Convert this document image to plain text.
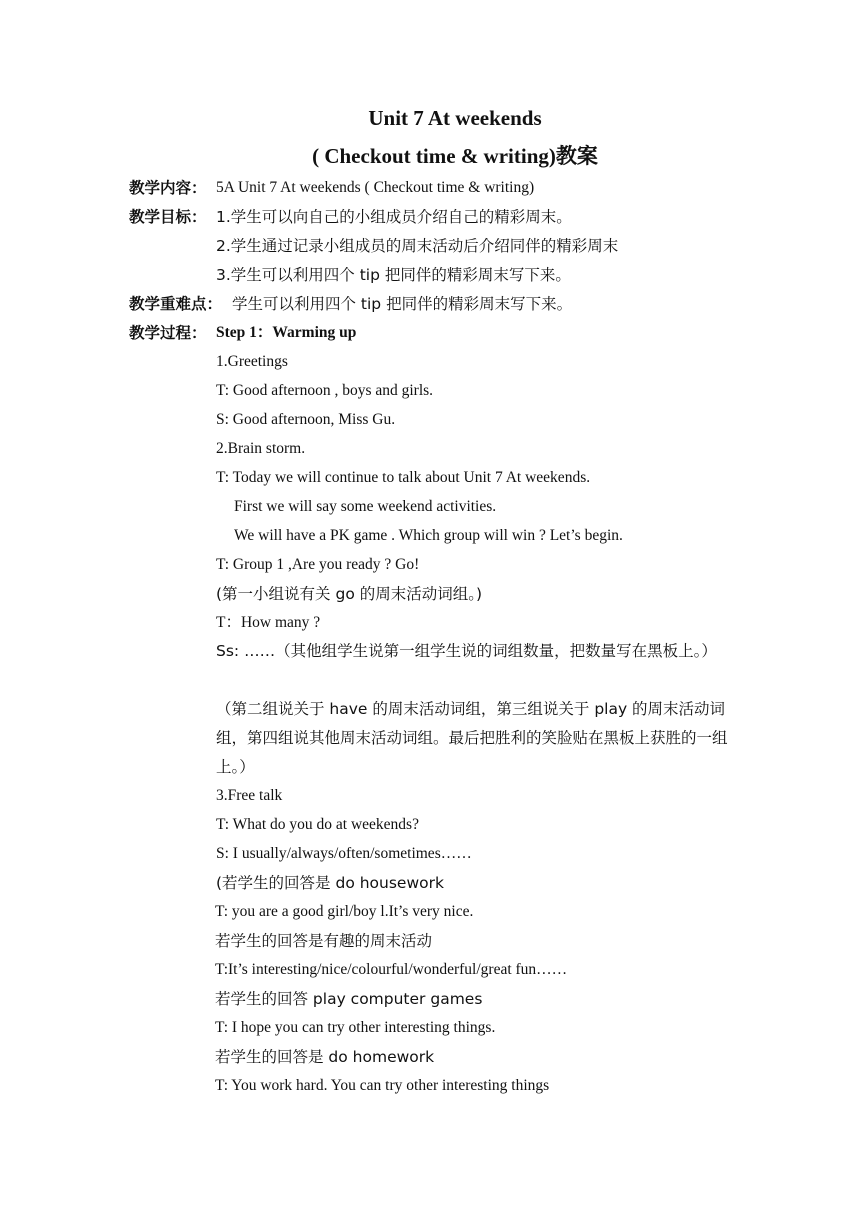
Unit 7 At weekends
( Checkout time & writing)教案
教学内容： 5A Unit 7 At weekends ( Checkout time & writing)
教学目标： 1.学生可以向自己的小组成员介绍自己的精彩周末。
2.学生通过记录小组成员的周末活动后介绍同伴的精彩周末
3.学生可以利用四个 tip 把同伴的精彩周末写下来。
教学重难点： 学生可以利用四个 tip 把同伴的精彩周末写下来。
教学过程： Step 1：Warming up
1.Greetings
T: Good afternoon , boys and girls.
S: Good afternoon, Miss Gu.
2.Brain storm.
T: Today we will continue to talk about Unit 7 At weekends.
First we will say some weekend activities.
We will have a PK game . Which group will win ? Let’s begin.
T: Group 1 ,Are you ready ? Go!
(第一小组说有关 go 的周末活动词组。)
T：How many ?
Ss: ……（其他组学生说第一组学生说的词组数量，把数量写在黑板上。）
（第二组说关于 have 的周末活动词组，第三组说关于 play 的周末活动词组，第四组说其他周末活动词组。最后把胜利的笑脸贴在黑板上获胜的一组上。）
3.Free talk
T: What do you do at weekends?
S: I usually/always/often/sometimes……
(若学生的回答是 do housework
T: you are a good girl/boy l.It’s very nice.
若学生的回答是有趣的周末活动
T:It’s interesting/nice/colourful/wonderful/great fun……
若学生的回答 play computer games
T: I hope you can try other interesting things.
若学生的回答是 do homework
T: You work hard. You can try other interesting things
